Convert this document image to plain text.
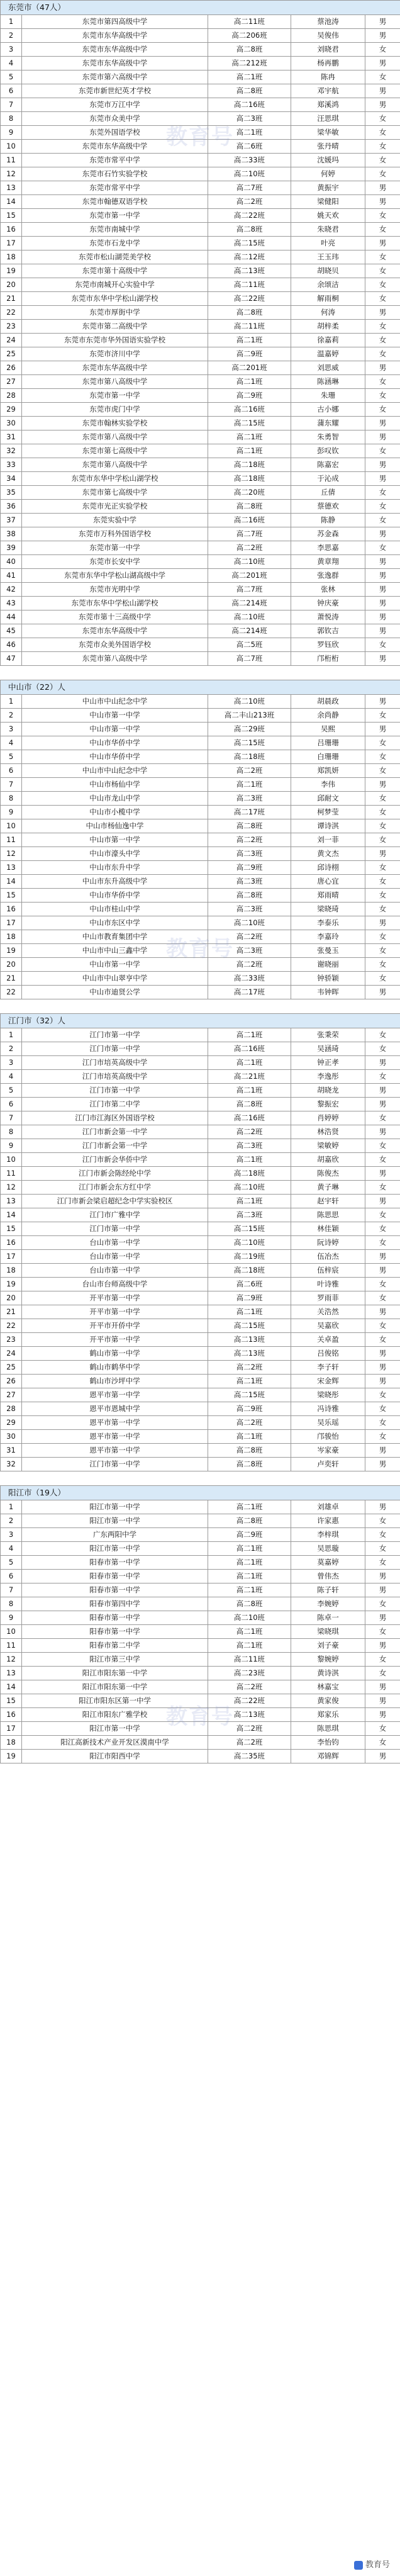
东莞市（47人）				
1	东莞市第四高级中学	高二11班	蔡池涛	男
2	东莞市东华高级中学	高二206班	吴俊伟	男
3	东莞市东华高级中学	高二8班	刘晓君	女
4	东莞市东华高级中学	高二212班	杨再鹏	男
5	东莞市第六高级中学	高二1班	陈冉	女
6	东莞市新世纪英才学校	高二8班	邓宇航	男
7	东莞市万江中学	高二16班	郑溪鸿	男
8	东莞市众美中学	高二3班	汪思琪	女
9	东莞外国语学校	高二1班	梁华敏	女
10	东莞市东华高级中学	高二6班	张丹晴	女
11	东莞市常平中学	高二33班	沈媛玛	女
12	东莞市石竹实验学校	高二10班	何婷	女
13	东莞市常平中学	高二7班	黄振宇	男
14	东莞市翰德双语学校	高二2班	梁健阳	男
15	东莞市第一中学	高二22班	姚天欢	女
16	东莞市南城中学	高二8班	朱晓君	女
17	东莞市石龙中学	高二15班	叶亮	男
18	东莞市松山湖莞美学校	高二12班	王玉玮	女
19	东莞市第十高级中学	高二13班	胡晓贝	女
20	东莞市南城开心实验中学	高二11班	余颂洁	女
21	东莞市东华中学松山湖学校	高二22班	解雨桐	女
22	东莞市厚街中学	高二8班	何涛	男
23	东莞市第二高级中学	高二11班	胡梓柔	女
24	东莞市东莞市华外国语实验学校	高二1班	徐嘉莉	女
25	东莞市济川中学	高二9班	温嘉婷	女
26	东莞市东华高级中学	高二201班	刘思威	男
27	东莞市第八高级中学	高二1班	陈涵琳	女
28	东莞市第一中学	高二9班	朱珊	女
29	东莞市虎门中学	高二16班	古小娜	女
30	东莞市翰林实验学校	高二15班	蒲东耀	男
31	东莞市第八高级中学	高二1班	朱勇智	男
32	东莞市第七高级中学	高二1班	彭叹钦	女
33	东莞市第八高级中学	高二18班	陈嘉宏	男
34	东莞市东华中学松山湖学校	高二18班	于沁成	男
35	东莞市第七高级中学	高二20班	丘倩	女
36	东莞市光正实验学校	高二8班	蔡德欢	女
37	东莞实验中学	高二16班	陈静	女
38	东莞市万科外国语学校	高二7班	苏金森	男
39	东莞市第一中学	高二2班	李思嘉	女
40	东莞市长安中学	高二10班	黄章翔	男
41	东莞市东华中学松山湖高级中学	高二201班	张逸群	男
42	东莞市光明中学	高二7班	张林	男
43	东莞市东华中学松山湖学校	高二214班	钟庆豪	男
44	东莞市第十三高级中学	高二10班	萧悦涛	男
45	东莞市东华高级中学	高二214班	郭钦吉	男
46	东莞市众美外国语学校	高二5班	罗钰欣	女
47	东莞市第八高级中学	高二7班	邝桁桁	男

中山市（22）人				
1	中山市中山纪念中学	高二10班	胡晨政	男
2	中山市第一中学	高二丰山213班	余尚静	女
3	中山市第一中学	高二29班	吴熙	男
4	中山市华侨中学	高二15班	吕珊珊	女
5	中山市华侨中学	高二18班	白珊珊	女
6	中山市中山纪念中学	高二2班	郑凯妍	女
7	中山市杨仙中学	高二1班	李伟	男
8	中山市龙山中学	高二3班	邱耐文	女
9	中山市小榄中学	高二17班	柯梦莹	女
10	中山市杨仙逸中学	高二8班	谭诗淇	女
11	中山市第一中学	高二2班	刘一菲	女
12	中山市濠头中学	高二3班	黄文杰	男
13	中山市东升中学	高二9班	邱诗栩	女
14	中山市东升高级中学	高二3班	唐心宜	女
15	中山市华侨中学	高二8班	郑雨晴	女
16	中山市桂山中学	高二3班	梁晓琦	女
17	中山市东区中学	高二10班	李泰乐	男
18	中山市教育集团中学	高二2班	李嘉玲	女
19	中山市中山三鑫中学	高二3班	张曼玉	女
20	中山市第一中学	高二2班	谢晓丽	女
21	中山市中山翠亨中学	高二33班	钟骄颖	女
22	中山市迪贤公学	高二17班	韦钟晖	男

江门市（32）人				
1	江门市第一中学	高二1班	张秉荣	女
2	江门市第一中学	高二16班	吴涵琦	女
3	江门市培英高级中学	高二1班	钟正孝	男
4	江门市培英高级中学	高二21班	李逸彤	女
5	江门市第一中学	高二1班	胡晓龙	男
6	江门市第二中学	高二8班	黎振宏	男
7	江门市江海区外国语学校	高二16班	肖婷婷	女
8	江门市新会第一中学	高二2班	林浩贤	男
9	江门市新会第一中学	高二3班	梁敏婷	女
10	江门市新会华侨中学	高二1班	胡嘉欣	女
11	江门市新会陈经纶中学	高二18班	陈俊杰	男
12	江门市新会东方红中学	高二10班	黄子琳	女
13	江门市新会梁启超纪念中学实验校区	高二1班	赵宇轩	男
14	江门市广雅中学	高二3班	陈思思	女
15	江门市第一中学	高二15班	林佳颖	女
16	台山市第一中学	高二10班	阮诗婷	女
17	台山市第一中学	高二19班	伍冶杰	男
18	台山市第一中学	高二18班	伍梓宸	男
19	台山市台师高级中学	高二6班	叶诗雅	女
20	开平市第一中学	高二9班	罗雨菲	女
21	开平市第一中学	高二1班	关浩然	男
22	开平市开侨中学	高二15班	吴嘉欣	女
23	开平市第一中学	高二13班	关卓盈	女
24	鹤山市第一中学	高二13班	吕俊铭	男
25	鹤山市鹤华中学	高二2班	李子轩	男
26	鹤山市沙坪中学	高二1班	宋金辉	男
27	恩平市第一中学	高二15班	梁晓彤	女
28	恩平市恩城中学	高二9班	冯诗雅	女
29	恩平市第一中学	高二2班	吴乐瑶	女
30	恩平市第一中学	高二1班	邝骏怡	女
31	恩平市第一中学	高二8班	岑家豪	男
32	江门市第一中学	高二8班	卢奕轩	男

阳江市（19人）				
1	阳江市第一中学	高二1班	刘雄卓	男
2	阳江市第一中学	高二8班	许家惠	女
3	广东两阳中学	高二9班	李梓琪	女
4	阳江市第一中学	高二1班	吴思璇	女
5	阳春市第一中学	高二1班	莫嘉婷	女
6	阳春市第一中学	高二1班	曾伟杰	男
7	阳春市第一中学	高二1班	陈子轩	男
8	阳春市第四中学	高二8班	李婉婷	女
9	阳春市第一中学	高二10班	陈卓一	男
10	阳春市第一中学	高二1班	梁晓琪	女
11	阳春市第二中学	高二1班	刘子豪	男
12	阳江市第三中学	高二11班	黎婉婷	女
13	阳江市阳东第一中学	高二23班	黄诗淇	女
14	阳江市阳东第一中学	高二2班	林嘉宝	男
15	阳江市阳东区第一中学	高二22班	黄家俊	男
16	阳江市阳东广雅学校	高二13班	郑家乐	男
17	阳江市第一中学	高二2班	陈思琪	女
18	阳江高新技术产业开发区漠南中学	高二2班	李怡钧	女
19	阳江市阳西中学	高二35班	邓锦辉	男
教育号
教育号
教育号
教育号
